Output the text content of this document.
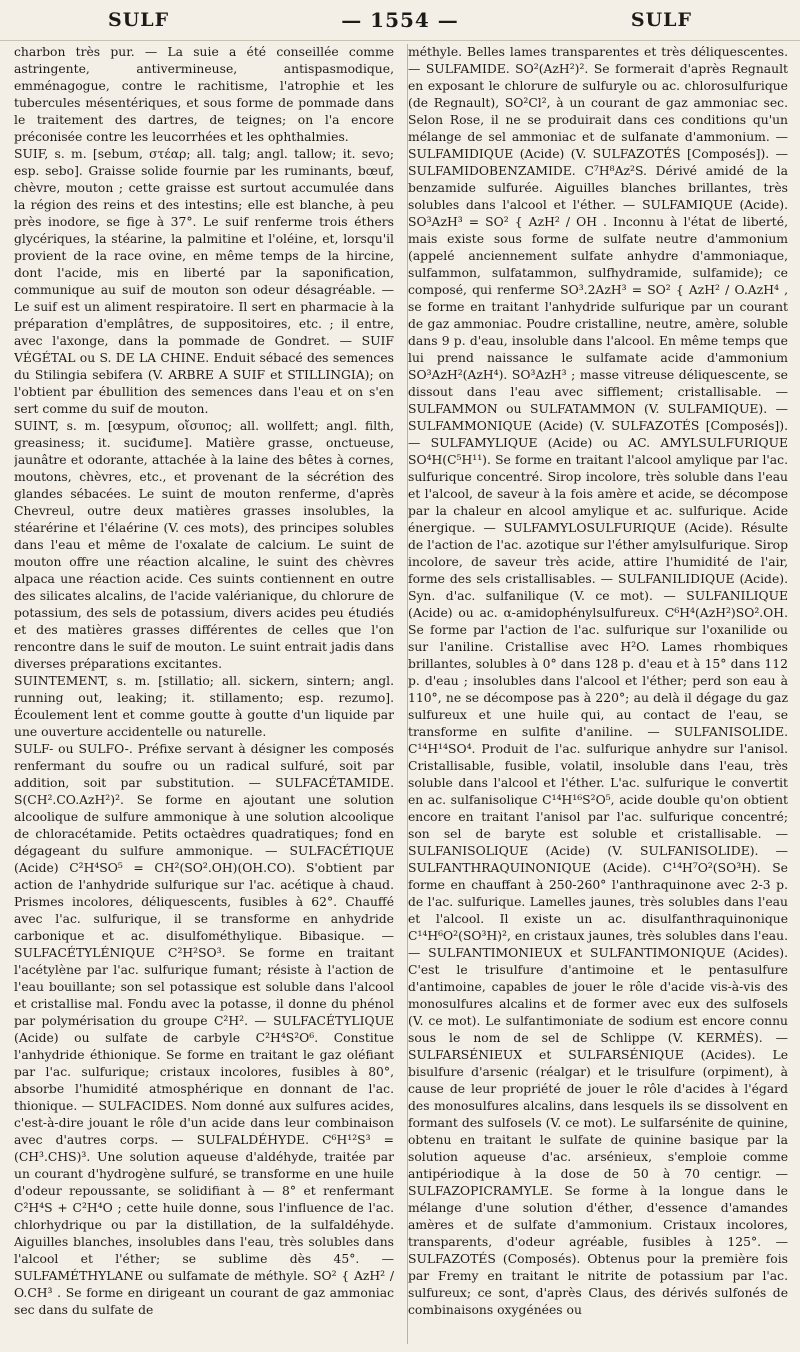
SULF	— 1554 —	SULF

charbon très pur. — La suie a été conseillée comme astringente, antivermineuse, antispasmodique, emménagogue, contre le rachitisme, l'atrophie et les tubercules mésentériques, et sous forme de pommade dans le traitement des dartres, de teignes; on l'a encore préconisée contre les leucorrhées et les ophthalmies.

SUIF, s. m. [sebum, στέαρ; all. talg; angl. tallow; it. sevo; esp. sebo]. Graisse solide fournie par les ruminants, bœuf, chèvre, mouton ; cette graisse est surtout accumulée dans la région des reins et des intestins; elle est blanche, à peu près inodore, se fige à 37°. Le suif renferme trois éthers glycériques, la stéarine, la palmitine et l'oléine, et, lorsqu'il provient de la race ovine, en même temps de la hircine, dont l'acide, mis en liberté par la saponification, communique au suif de mouton son odeur désagréable. — Le suif est un aliment respiratoire. Il sert en pharmacie à la préparation d'emplâtres, de suppositoires, etc. ; il entre, avec l'axonge, dans la pommade de Gondret. — SUIF VÉGÉTAL ou S. DE LA CHINE. Enduit sébacé des semences du Stilingia sebifera (V. ARBRE A SUIF et STILLINGIA); on l'obtient par ébullition des semences dans l'eau et on s'en sert comme du suif de mouton.

SUINT, s. m. [œsypum, οἴσυπος; all. wollfett; angl. filth, greasiness; it. suciđume]. Matière grasse, onctueuse, jaunâtre et odorante, attachée à la laine des bêtes à cornes, moutons, chèvres, etc., et provenant de la sécrétion des glandes sébacées. Le suint de mouton renferme, d'après Chevreul, outre deux matières grasses insolubles, la stéarérine et l'élaérine (V. ces mots), des principes solubles dans l'eau et même de l'oxalate de calcium. Le suint de mouton offre une réaction alcaline, le suint des chèvres alpaca une réaction acide. Ces suints contiennent en outre des silicates alcalins, de l'acide valérianique, du chlorure de potassium, des sels de potassium, divers acides peu étudiés et des matières grasses différentes de celles que l'on rencontre dans le suif de mouton. Le suint entrait jadis dans diverses préparations excitantes.

SUINTEMENT, s. m. [stillatio; all. sickern, sintern; angl. running out, leaking; it. stillamento; esp. rezumo]. Écoulement lent et comme goutte à goutte d'un liquide par une ouverture accidentelle ou naturelle.

SULF- ou SULFO-. Préfixe servant à désigner les composés renfermant du soufre ou un radical sulfuré, soit par addition, soit par substitution. — SULFACÉTAMIDE. S(CH².CO.AzH²)². Se forme en ajoutant une solution alcoolique de sulfure ammonique à une solution alcoolique de chloracétamide. Petits octaèdres quadratiques; fond en dégageant du sulfure ammonique. — SULFACÉTIQUE (Acide) C²H⁴SO⁵ = CH²(SO².OH)(OH.CO). S'obtient par action de l'anhydride sulfurique sur l'ac. acétique à chaud. Prismes incolores, déliquescents, fusibles à 62°. Chauffé avec l'ac. sulfurique, il se transforme en anhydride carbonique et ac. disulfométhylique. Bibasique. — SULFACÉTYLÉNIQUE C²H²SO³. Se forme en traitant l'acétylène par l'ac. sulfurique fumant; résiste à l'action de l'eau bouillante; son sel potassique est soluble dans l'alcool et cristallise mal. Fondu avec la potasse, il donne du phénol par polymérisation du groupe C²H². — SULFACÉTYLIQUE (Acide) ou sulfate de carbyle C²H⁴S²O⁶. Constitue l'anhydride éthionique. Se forme en traitant le gaz oléfiant par l'ac. sulfurique; cristaux incolores, fusibles à 80°, absorbe l'humidité atmosphérique en donnant de l'ac. thionique. — SULFACIDES. Nom donné aux sulfures acides, c'est-à-dire jouant le rôle d'un acide dans leur combinaison avec d'autres corps. — SULFALDÉHYDE. C⁶H¹²S³ = (CH³.CHS)³. Une solution aqueuse d'aldéhyde, traitée par un courant d'hydrogène sulfuré, se transforme en une huile d'odeur repoussante, se solidifiant à — 8° et renfermant C²H⁴S + C²H⁴O ; cette huile donne, sous l'influence de l'ac. chlorhydrique ou par la distillation, de la sulfaldéhyde. Aiguilles blanches, insolubles dans l'eau, très solubles dans l'alcool et l'éther; se sublime dès 45°. — SULFAMÉTHYLANE ou sulfamate de méthyle. SO² { AzH² / O.CH³ . Se forme en dirigeant un courant de gaz ammoniac sec dans du sulfate de

méthyle. Belles lames transparentes et très déliquescentes. — SULFAMIDE. SO²(AzH²)². Se formerait d'après Regnault en exposant le chlorure de sulfuryle ou ac. chlorosulfurique (de Regnault), SO²Cl², à un courant de gaz ammoniac sec. Selon Rose, il ne se produirait dans ces conditions qu'un mélange de sel ammoniac et de sulfanate d'ammonium. — SULFAMIDIQUE (Acide) (V. SULFAZOTÉS [Composés]). — SULFAMIDOBENZAMIDE. C⁷H⁸Az²S. Dérivé amidé de la benzamide sulfurée. Aiguilles blanches brillantes, très solubles dans l'alcool et l'éther. — SULFAMIQUE (Acide). SO³AzH³ = SO² { AzH² / OH . Inconnu à l'état de liberté, mais existe sous forme de sulfate neutre d'ammonium (appelé anciennement sulfate anhydre d'ammoniaque, sulfammon, sulfatammon, sulfhydramide, sulfamide); ce composé, qui renferme SO³.2AzH³ = SO² { AzH² / O.AzH⁴ , se forme en traitant l'anhydride sulfurique par un courant de gaz ammoniac. Poudre cristalline, neutre, amère, soluble dans 9 p. d'eau, insoluble dans l'alcool. En même temps que lui prend naissance le sulfamate acide d'ammonium SO³AzH²(AzH⁴). SO³AzH³ ; masse vitreuse déliquescente, se dissout dans l'eau avec sifflement; cristallisable. — SULFAMMON ou SULFATAMMON (V. SULFAMIQUE). — SULFAMMONIQUE (Acide) (V. SULFAZOTÉS [Composés]). — SULFAMYLIQUE (Acide) ou AC. AMYLSULFURIQUE SO⁴H(C⁵H¹¹). Se forme en traitant l'alcool amylique par l'ac. sulfurique concentré. Sirop incolore, très soluble dans l'eau et l'alcool, de saveur à la fois amère et acide, se décompose par la chaleur en alcool amylique et ac. sulfurique. Acide énergique. — SULFAMYLOSULFURIQUE (Acide). Résulte de l'action de l'ac. azotique sur l'éther amylsulfurique. Sirop incolore, de saveur très acide, attire l'humidité de l'air, forme des sels cristallisables. — SULFANILIDIQUE (Acide). Syn. d'ac. sulfanilique (V. ce mot). — SULFANILIQUE (Acide) ou ac. α-amidophénylsulfureux. C⁶H⁴(AzH²)SO².OH. Se forme par l'action de l'ac. sulfurique sur l'oxanilide ou sur l'aniline. Cristallise avec H²O. Lames rhombiques brillantes, solubles à 0° dans 128 p. d'eau et à 15° dans 112 p. d'eau ; insolubles dans l'alcool et l'éther; perd son eau à 110°, ne se décompose pas à 220°; au delà il dégage du gaz sulfureux et une huile qui, au contact de l'eau, se transforme en sulfite d'aniline. — SULFANISOLIDE. C¹⁴H¹⁴SO⁴. Produit de l'ac. sulfurique anhydre sur l'anisol. Cristallisable, fusible, volatil, insoluble dans l'eau, très soluble dans l'alcool et l'éther. L'ac. sulfurique le convertit en ac. sulfanisolique C¹⁴H¹⁶S²O⁵, acide double qu'on obtient encore en traitant l'anisol par l'ac. sulfurique concentré; son sel de baryte est soluble et cristallisable. — SULFANISOLIQUE (Acide) (V. SULFANISOLIDE). — SULFANTHRAQUINONIQUE (Acide). C¹⁴H⁷O²(SO³H). Se forme en chauffant à 250-260° l'anthraquinone avec 2-3 p. de l'ac. sulfurique. Lamelles jaunes, très solubles dans l'eau et l'alcool. Il existe un ac. disulfanthraquinonique C¹⁴H⁶O²(SO³H)², en cristaux jaunes, très solubles dans l'eau. — SULFANTIMONIEUX et SULFANTIMONIQUE (Acides). C'est le trisulfure d'antimoine et le pentasulfure d'antimoine, capables de jouer le rôle d'acide vis-à-vis des monosulfures alcalins et de former avec eux des sulfosels (V. ce mot). Le sulfantimoniate de sodium est encore connu sous le nom de sel de Schlippe (V. KERMÈS). — SULFARSÉNIEUX et SULFARSÉNIQUE (Acides). Le bisulfure d'arsenic (réalgar) et le trisulfure (orpiment), à cause de leur propriété de jouer le rôle d'acides à l'égard des monosulfures alcalins, dans lesquels ils se dissolvent en formant des sulfosels (V. ce mot). Le sulfarsénite de quinine, obtenu en traitant le sulfate de quinine basique par la solution aqueuse d'ac. arsénieux, s'emploie comme antipériodique à la dose de 50 à 70 centigr. — SULFAZOPICRAMYLE. Se forme à la longue dans le mélange d'une solution d'éther, d'essence d'amandes amères et de sulfate d'ammonium. Cristaux incolores, transparents, d'odeur agréable, fusibles à 125°. — SULFAZOTÉS (Composés). Obtenus pour la première fois par Fremy en traitant le nitrite de potassium par l'ac. sulfureux; ce sont, d'après Claus, des dérivés sulfonés de combinaisons oxygénées ou
